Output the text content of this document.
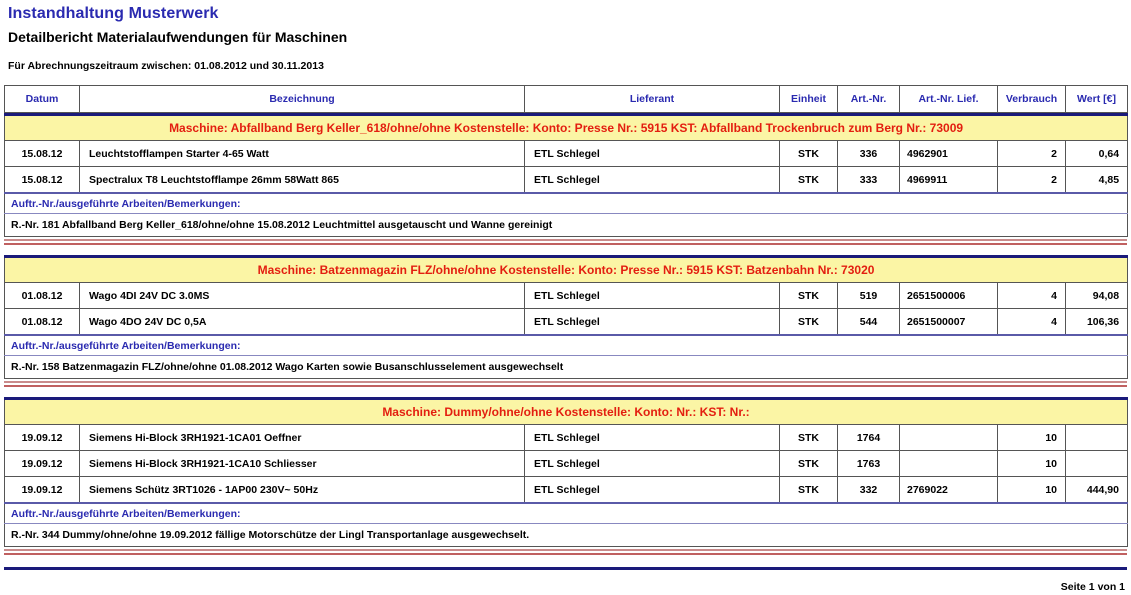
Instandhaltung Musterwerk
Detailbericht Materialaufwendungen für Maschinen
Für Abrechnungszeitraum zwischen: 01.08.2012 und 30.11.2013
Datum	Bezeichnung	Lieferant	Einheit	Art.-Nr.	Art.-Nr. Lief.	Verbrauch	Wert [€]
Maschine: Abfallband Berg Keller_618/ohne/ohne Kostenstelle: Konto: Presse Nr.: 5915 KST: Abfallband Trockenbruch zum Berg Nr.: 73009							
15.08.12	Leuchtstofflampen Starter 4-65 Watt	ETL Schlegel	STK	336	4962901	2	0,64
15.08.12	Spectralux T8 Leuchtstofflampe 26mm 58Watt 865	ETL Schlegel	STK	333	4969911	2	4,85
Auftr.-Nr./ausgeführte Arbeiten/Bemerkungen:							
R.-Nr. 181 Abfallband Berg Keller_618/ohne/ohne 15.08.2012 Leuchtmittel ausgetauscht und Wanne gereinigt							
Maschine: Batzenmagazin FLZ/ohne/ohne Kostenstelle: Konto: Presse Nr.: 5915 KST: Batzenbahn Nr.: 73020							
01.08.12	Wago 4DI 24V DC 3.0MS	ETL Schlegel	STK	519	2651500006	4	94,08
01.08.12	Wago 4DO 24V DC 0,5A	ETL Schlegel	STK	544	2651500007	4	106,36
Auftr.-Nr./ausgeführte Arbeiten/Bemerkungen:							
R.-Nr. 158 Batzenmagazin FLZ/ohne/ohne 01.08.2012 Wago Karten sowie Busanschlusselement ausgewechselt							
Maschine: Dummy/ohne/ohne Kostenstelle: Konto: Nr.: KST: Nr.:							
19.09.12	Siemens Hi-Block 3RH1921-1CA01 Oeffner	ETL Schlegel	STK	1764		10	
19.09.12	Siemens Hi-Block 3RH1921-1CA10 Schliesser	ETL Schlegel	STK	1763		10	
19.09.12	Siemens Schütz 3RT1026 - 1AP00 230V~ 50Hz	ETL Schlegel	STK	332	2769022	10	444,90
Auftr.-Nr./ausgeführte Arbeiten/Bemerkungen:							
R.-Nr. 344 Dummy/ohne/ohne 19.09.2012 fällige Motorschütze der Lingl Transportanlage ausgewechselt.							
Seite 1 von 1
